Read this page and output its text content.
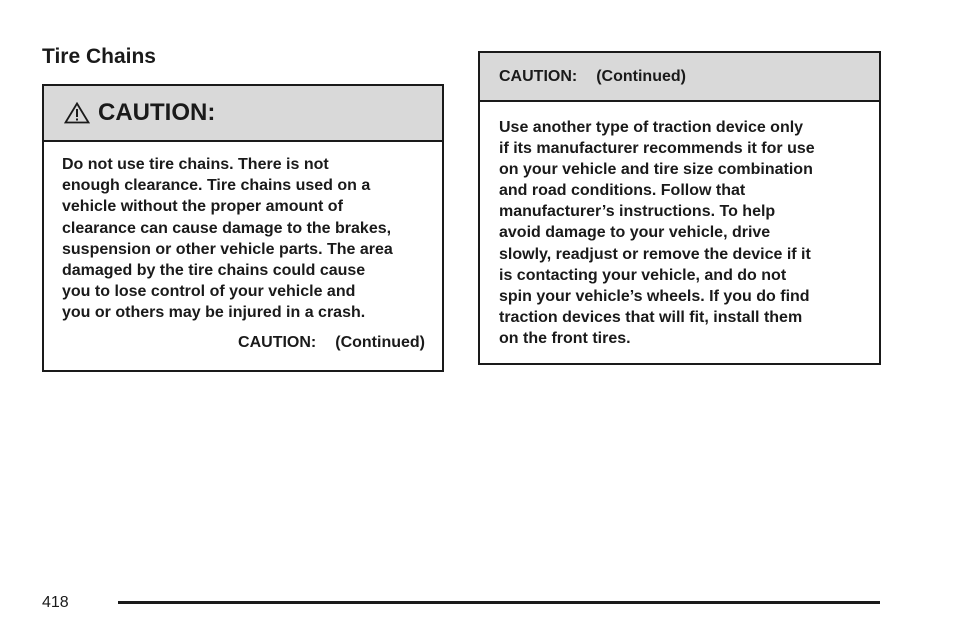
Tire Chains
CAUTION:
Do not use tire chains. There is not
enough clearance. Tire chains used on a
vehicle without the proper amount of
clearance can cause damage to the brakes,
suspension or other vehicle parts. The area
damaged by the tire chains could cause
you to lose control of your vehicle and
you or others may be injured in a crash.
CAUTION: (Continued)
CAUTION: (Continued)
Use another type of traction device only
if its manufacturer recommends it for use
on your vehicle and tire size combination
and road conditions. Follow that
manufacturer’s instructions. To help
avoid damage to your vehicle, drive
slowly, readjust or remove the device if it
is contacting your vehicle, and do not
spin your vehicle’s wheels. If you do find
traction devices that will fit, install them
on the front tires.
418
